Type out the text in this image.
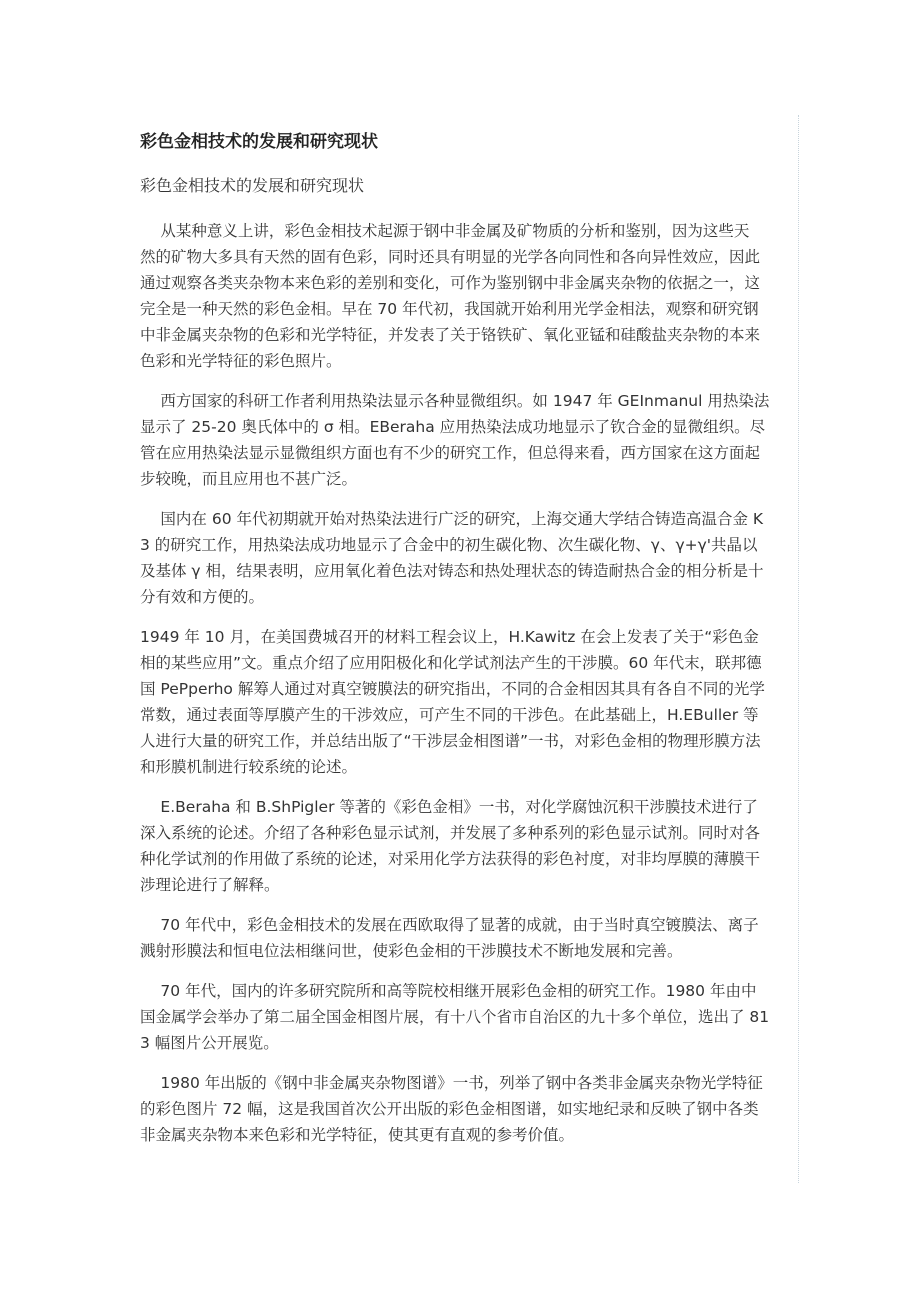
彩色金相技术的发展和研究现状
彩色金相技术的发展和研究现状
　 从某种意义上讲，彩色金相技术起源于钢中非金属及矿物质的分析和鉴别，因为这些天
然的矿物大多具有天然的固有色彩，同时还具有明显的光学各向同性和各向异性效应，因此
通过观察各类夹杂物本来色彩的差别和变化，可作为鉴别钢中非金属夹杂物的依据之一，这
完全是一种天然的彩色金相。早在 70 年代初，我国就开始利用光学金相法，观察和研究钢
中非金属夹杂物的色彩和光学特征，并发表了关于铬铁矿、氧化亚锰和硅酸盐夹杂物的本来
色彩和光学特征的彩色照片。
　 西方国家的科研工作者利用热染法显示各种显微组织。如 1947 年 GEInmanul 用热染法
显示了 25-20 奥氏体中的 σ 相。EBeraha 应用热染法成功地显示了钦合金的显微组织。尽
管在应用热染法显示显微组织方面也有不少的研究工作，但总得来看，西方国家在这方面起
步较晚，而且应用也不甚广泛。
　 国内在 60 年代初期就开始对热染法进行广泛的研究，上海交通大学结合铸造高温合金 K
3 的研究工作，用热染法成功地显示了合金中的初生碳化物、次生碳化物、γ、γ+γ'共晶以
及基体 γ 相，结果表明，应用氧化着色法对铸态和热处理状态的铸造耐热合金的相分析是十
分有效和方便的。
1949 年 10 月，在美国费城召开的材料工程会议上，H.Kawitz 在会上发表了关于“彩色金
相的某些应用”文。重点介绍了应用阳极化和化学试剂法产生的干涉膜。60 年代末，联邦德
国 PePperho 解筹人通过对真空镀膜法的研究指出，不同的合金相因其具有各自不同的光学
常数，通过表面等厚膜产生的干涉效应，可产生不同的干涉色。在此基础上，H.EBuller 等
人进行大量的研究工作，并总结出版了“干涉层金相图谱”一书，对彩色金相的物理形膜方法
和形膜机制进行较系统的论述。
　 E.Beraha 和 B.ShPigler 等著的《彩色金相》一书，对化学腐蚀沉积干涉膜技术进行了
深入系统的论述。介绍了各种彩色显示试剂，并发展了多种系列的彩色显示试剂。同时对各
种化学试剂的作用做了系统的论述，对采用化学方法获得的彩色衬度，对非均厚膜的薄膜干
涉理论进行了解释。
　 70 年代中，彩色金相技术的发展在西欧取得了显著的成就，由于当时真空镀膜法、离子
溅射形膜法和恒电位法相继问世，使彩色金相的干涉膜技术不断地发展和完善。
　 70 年代，国内的许多研究院所和高等院校相继开展彩色金相的研究工作。1980 年由中
国金属学会举办了第二届全国金相图片展，有十八个省市自治区的九十多个单位，选出了 81
3 幅图片公开展览。
　 1980 年出版的《钢中非金属夹杂物图谱》一书，列举了钢中各类非金属夹杂物光学特征
的彩色图片 72 幅，这是我国首次公开出版的彩色金相图谱，如实地纪录和反映了钢中各类
非金属夹杂物本来色彩和光学特征，使其更有直观的参考价值。
